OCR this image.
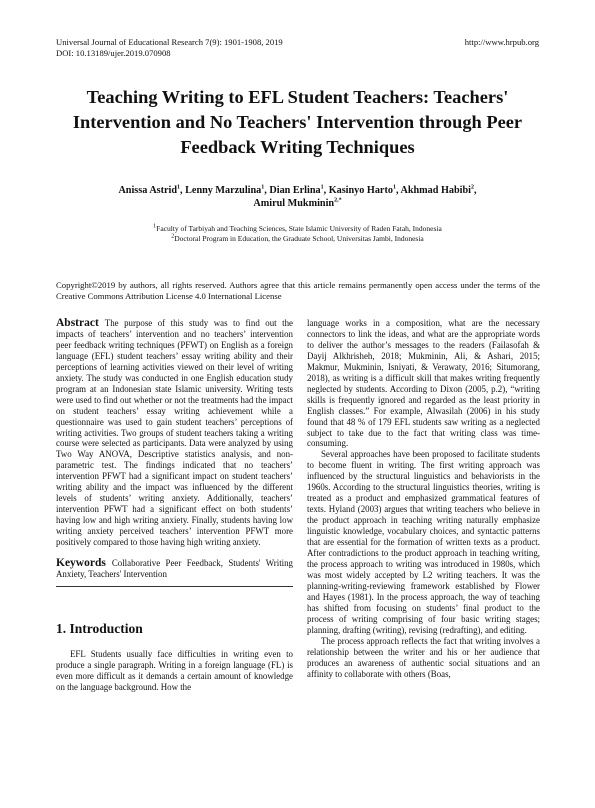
Universal Journal of Educational Research 7(9): 1901-1908, 2019
DOI: 10.13189/ujer.2019.070908
http://www.hrpub.org
Teaching Writing to EFL Student Teachers: Teachers' Intervention and No Teachers' Intervention through Peer Feedback Writing Techniques
Anissa Astrid$^1$, Lenny Marzulina$^1$, Dian Erlina$^1$, Kasinyo Harto$^1$, Akhmad Habibi$^2$,
Amirul Mukminin$^{2,*}$
$^1$Faculty of Tarbiyah and Teaching Sciences, State Islamic University of Raden Fatah, Indonesia
$^2$Doctoral Program in Education, the Graduate School, Universitas Jambi, Indonesia
Copyright©2019 by authors, all rights reserved. Authors agree that this article remains permanently open access under the terms of the Creative Commons Attribution License 4.0 International License
Abstract The purpose of this study was to find out the impacts of teachers’ intervention and no teachers’ intervention peer feedback writing techniques (PFWT) on English as a foreign language (EFL) student teachers’ essay writing ability and their perceptions of learning activities viewed on their level of writing anxiety. The study was conducted in one English education study program at an Indonesian state Islamic university. Writing tests were used to find out whether or not the treatments had the impact on student teachers’ essay writing achievement while a questionnaire was used to gain student teachers’ perceptions of writing activities. Two groups of student teachers taking a writing course were selected as participants. Data were analyzed by using Two Way ANOVA, Descriptive statistics analysis, and non-parametric test. The findings indicated that no teachers’ intervention PFWT had a significant impact on student teachers’ writing ability and the impact was influenced by the different levels of students’ writing anxiety. Additionally, teachers’ intervention PFWT had a significant effect on both students’ having low and high writing anxiety. Finally, students having low writing anxiety perceived teachers’ intervention PFWT more positively compared to those having high writing anxiety.
Keywords Collaborative Peer Feedback, Students' Writing Anxiety, Teachers' Intervention
1. Introduction

EFL Students usually face difficulties in writing even to produce a single paragraph. Writing in a foreign language (FL) is even more difficult as it demands a certain amount of knowledge on the language background. How the

language works in a composition, what are the necessary connectors to link the ideas, and what are the appropriate words to deliver the author’s messages to the readers (Failasofah & Dayij Alkhrisheh, 2018; Mukminin, Ali, & Ashari, 2015; Makmur, Mukminin, Isniyati, & Verawaty, 2016; Situmorang, 2018), as writing is a difficult skill that makes writing frequently neglected by students. According to Dixon (2005, p.2), “writing skills is frequently ignored and regarded as the least priority in English classes.” For example, Alwasilah (2006) in his study found that 48 % of 179 EFL students saw writing as a neglected subject to take due to the fact that writing class was time-consuming.

Several approaches have been proposed to facilitate students to become fluent in writing. The first writing approach was influenced by the structural linguistics and behaviorists in the 1960s. According to the structural linguistics theories, writing is treated as a product and emphasized grammatical features of texts. Hyland (2003) argues that writing teachers who believe in the product approach in teaching writing naturally emphasize linguistic knowledge, vocabulary choices, and syntactic patterns that are essential for the formation of written texts as a product. After contradictions to the product approach in teaching writing, the process approach to writing was introduced in 1980s, which was most widely accepted by L2 writing teachers. It was the planning-writing-reviewing framework established by Flower and Hayes (1981). In the process approach, the way of teaching has shifted from focusing on students’ final product to the process of writing comprising of four basic writing stages; planning, drafting (writing), revising (redrafting), and editing.

The process approach reflects the fact that writing involves a relationship between the writer and his or her audience that produces an awareness of authentic social situations and an affinity to collaborate with others (Boas,
